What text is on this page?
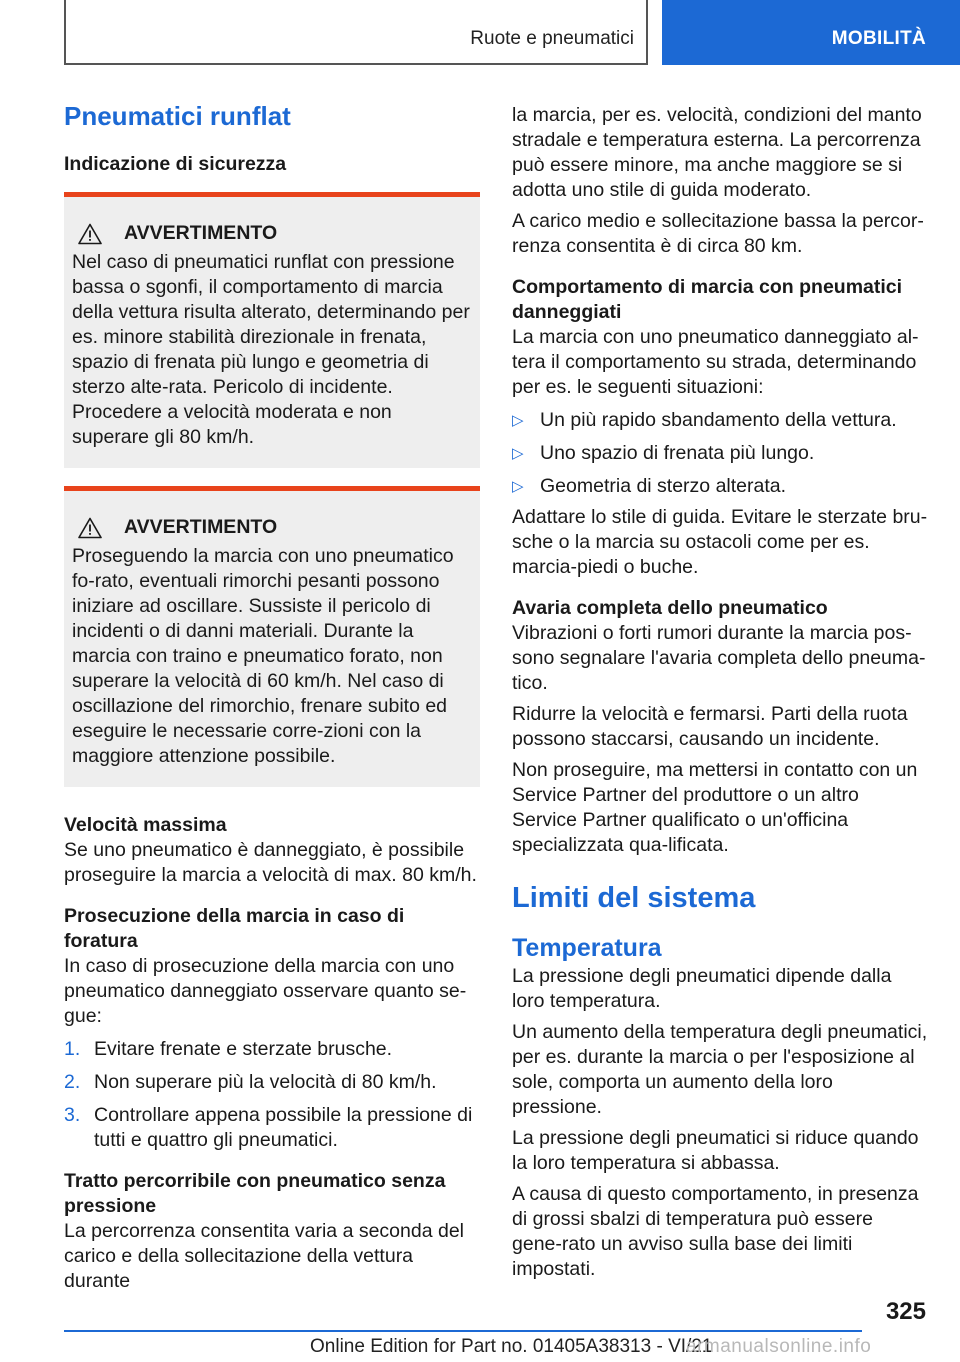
Ruote e pneumatici	MOBILITÀ
Pneumatici runflat
Indicazione di sicurezza
AVVERTIMENTO

Nel caso di pneumatici runflat con pressione bassa o sgonfi, il comportamento di marcia della vettura risulta alterato, determinando per es. minore stabilità direzionale in frenata, spazio di frenata più lungo e geometria di sterzo alte-rata. Pericolo di incidente. Procedere a velocità moderata e non superare gli 80 km/h.

AVVERTIMENTO

Proseguendo la marcia con uno pneumatico fo-rato, eventuali rimorchi pesanti possono iniziare ad oscillare. Sussiste il pericolo di incidenti o di danni materiali. Durante la marcia con traino e pneumatico forato, non superare la velocità di 60 km/h. Nel caso di oscillazione del rimorchio, frenare subito ed eseguire le necessarie corre-zioni con la maggiore attenzione possibile.

Velocità massima

Se uno pneumatico è danneggiato, è possibile proseguire la marcia a velocità di max. 80 km/h.

Prosecuzione della marcia in caso di foratura

In caso di prosecuzione della marcia con uno pneumatico danneggiato osservare quanto se-gue:

1. Evitare frenate e sterzate brusche.
2. Non superare più la velocità di 80 km/h.
3. Controllare appena possibile la pressione di tutti e quattro gli pneumatici.
Tratto percorribile con pneumatico senza pressione

La percorrenza consentita varia a seconda del carico e della sollecitazione della vettura durante

la marcia, per es. velocità, condizioni del manto stradale e temperatura esterna. La percorrenza può essere minore, ma anche maggiore se si adotta uno stile di guida moderato.

A carico medio e sollecitazione bassa la percor-renza consentita è di circa 80 km.

Comportamento di marcia con pneumatici danneggiati

La marcia con uno pneumatico danneggiato al-tera il comportamento su strada, determinando per es. le seguenti situazioni:

▷ Un più rapido sbandamento della vettura.
▷ Uno spazio di frenata più lungo.
▷ Geometria di sterzo alterata.

Adattare lo stile di guida. Evitare le sterzate bru-sche o la marcia su ostacoli come per es. marcia-piedi o buche.

Avaria completa dello pneumatico

Vibrazioni o forti rumori durante la marcia pos-sono segnalare l'avaria completa dello pneuma-tico.

Ridurre la velocità e fermarsi. Parti della ruota possono staccarsi, causando un incidente.

Non proseguire, ma mettersi in contatto con un Service Partner del produttore o un altro Service Partner qualificato o un'officina specializzata qua-lificata.

Limiti del sistema
Temperatura

La pressione degli pneumatici dipende dalla loro temperatura.

Un aumento della temperatura degli pneumatici, per es. durante la marcia o per l'esposizione al sole, comporta un aumento della loro pressione.

La pressione degli pneumatici si riduce quando la loro temperatura si abbassa.

A causa di questo comportamento, in presenza di grossi sbalzi di temperatura può essere gene-rato un avviso sulla base dei limiti impostati.

325
Online Edition for Part no. 01405A38313 - VI/21
armanualsonline.info
